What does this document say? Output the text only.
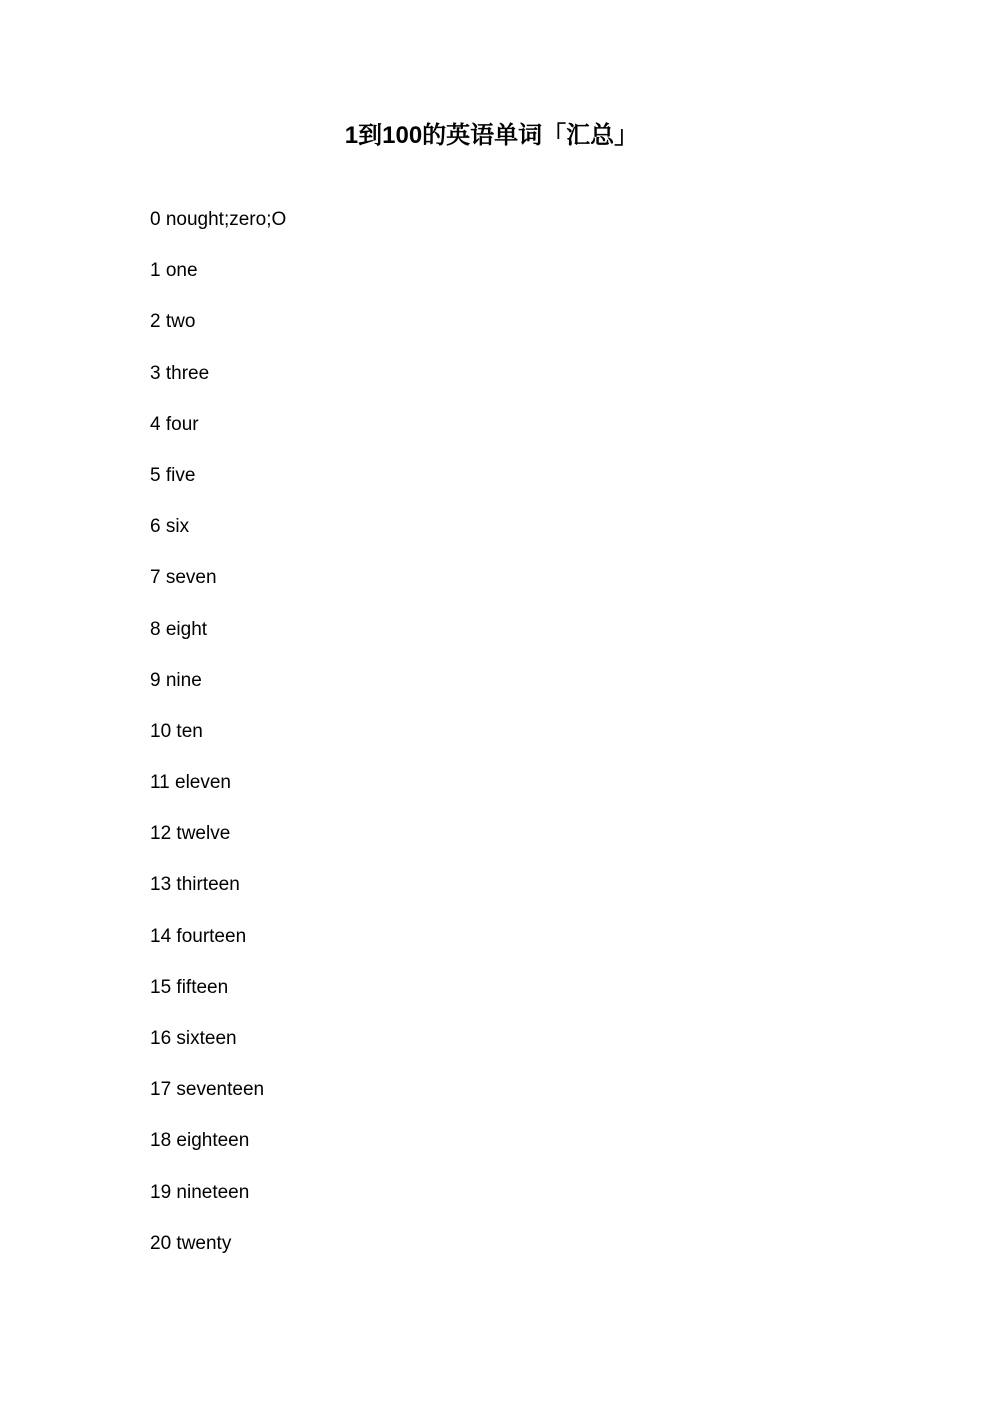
1到100的英语单词「汇总」
0 nought;zero;O
1 one
2 two
3 three
4 four
5 five
6 six
7 seven
8 eight
9 nine
10 ten
11 eleven
12 twelve
13 thirteen
14 fourteen
15 fifteen
16 sixteen
17 seventeen
18 eighteen
19 nineteen
20 twenty
